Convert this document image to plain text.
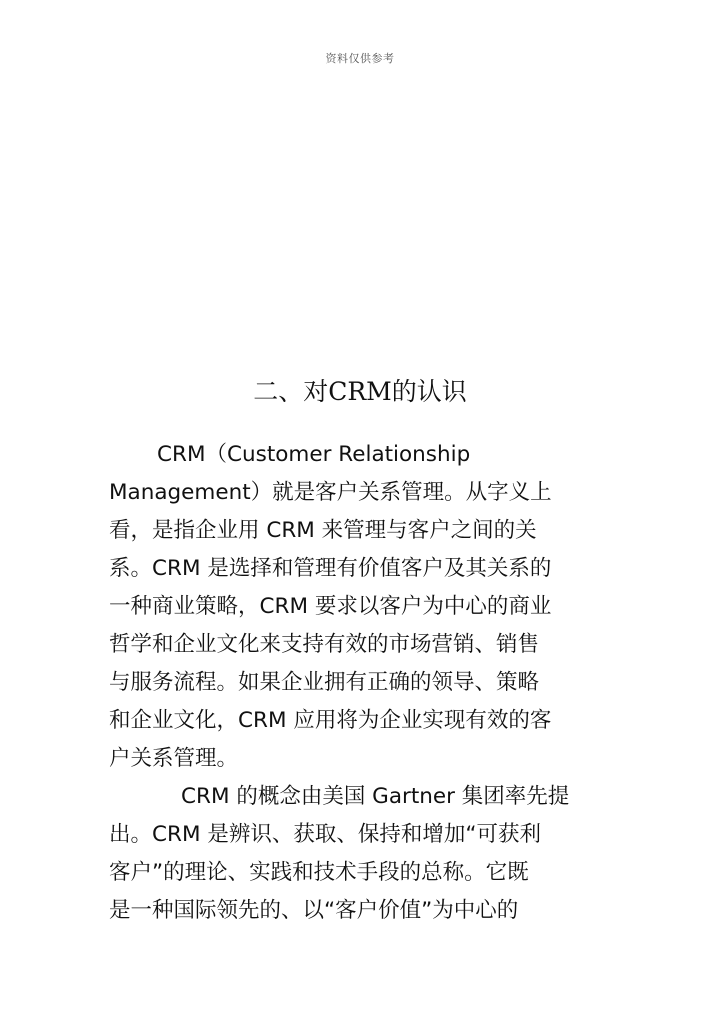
资料仅供参考
二、对CRM的认识
CRM（Customer Relationship
Management）就是客户关系管理。从字义上
看，是指企业用 CRM 来管理与客户之间的关
系。CRM 是选择和管理有价值客户及其关系的
一种商业策略，CRM 要求以客户为中心的商业
哲学和企业文化来支持有效的市场营销、销售
与服务流程。如果企业拥有正确的领导、策略
和企业文化，CRM 应用将为企业实现有效的客
户关系管理。
CRM 的概念由美国 Gartner 集团率先提
出。CRM 是辨识、获取、保持和增加“可获利
客户”的理论、实践和技术手段的总称。它既
是一种国际领先的、以“客户价值”为中心的
